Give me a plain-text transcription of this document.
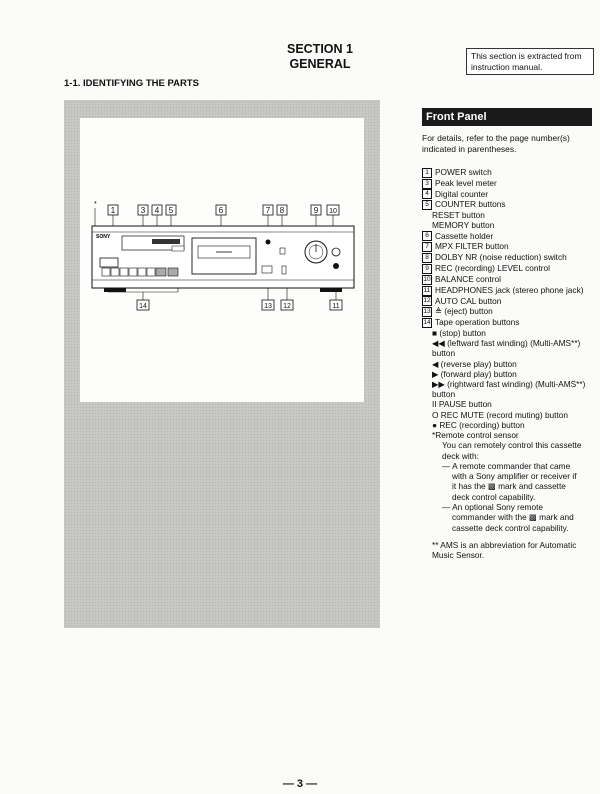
SECTION 1
GENERAL
This section is extracted from instruction manual.
1-1. IDENTIFYING THE PARTS
*
1	3 4 5	6	7 8	9 10
14	13 12	11
SONY
Front Panel
For details, refer to the page number(s) indicated in parentheses.
1 POWER switch
3 Peak level meter
4 Digital counter
5 COUNTER buttons
RESET button
MEMORY button
6 Cassette holder
7 MPX FILTER button
8 DOLBY NR (noise reduction) switch
9 REC (recording) LEVEL control
10 BALANCE control
11 HEADPHONES jack (stereo phone jack)
12 AUTO CAL button
13 ≜ (eject) button
14 Tape operation buttons
■ (stop) button
◀◀ (leftward fast winding) (Multi-AMS**) button
◀ (reverse play) button
▶ (forward play) button
▶▶ (rightward fast winding) (Multi-AMS**) button
II PAUSE button
O REC MUTE (record muting) button
● REC (recording) button
*Remote control sensor
You can remotely control this cassette deck with:
— A remote commander that came with a Sony amplifier or receiver if it has the ▩ mark and cassette deck control capability.
— An optional Sony remote commander with the ▩ mark and cassette deck control capability.
** AMS is an abbreviation for Automatic Music Sensor.
— 3 —
